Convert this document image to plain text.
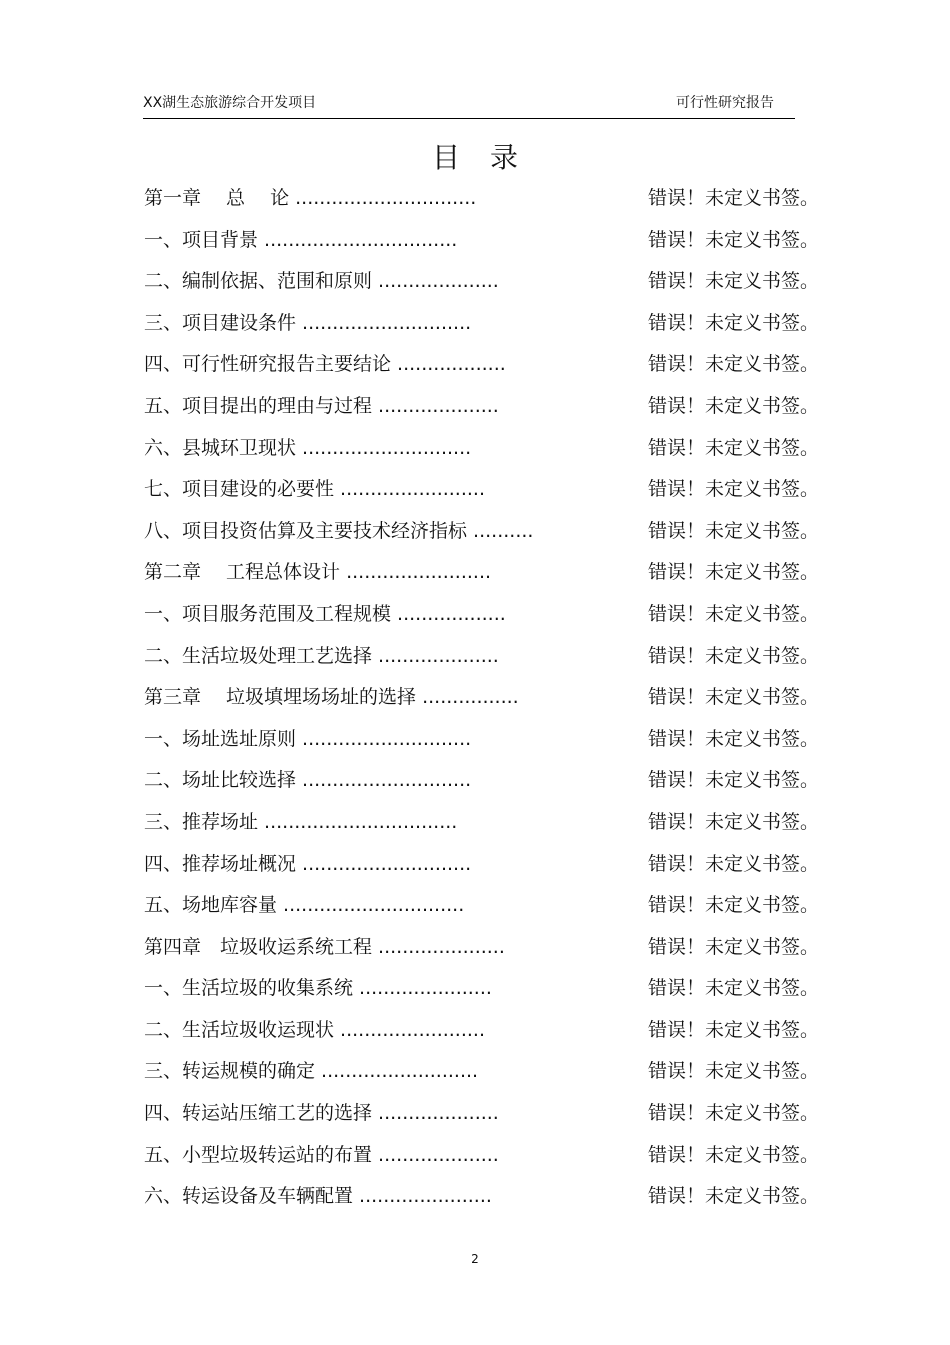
XX湖生态旅游综合开发项目	可行性研究报告
目录
第一章　 总　 论 ..............................	错误！未定义书签。
一、项目背景 ................................	错误！未定义书签。
二、编制依据、范围和原则 ....................	错误！未定义书签。
三、项目建设条件 ............................	错误！未定义书签。
四、可行性研究报告主要结论 ..................	错误！未定义书签。
五、项目提出的理由与过程 ....................	错误！未定义书签。
六、县城环卫现状 ............................	错误！未定义书签。
七、项目建设的必要性 ........................	错误！未定义书签。
八、项目投资估算及主要技术经济指标 ..........	错误！未定义书签。
第二章　 工程总体设计 ........................	错误！未定义书签。
一、项目服务范围及工程规模 ..................	错误！未定义书签。
二、生活垃圾处理工艺选择 ....................	错误！未定义书签。
第三章　 垃圾填埋场场址的选择 ................	错误！未定义书签。
一、场址选址原则 ............................	错误！未定义书签。
二、场址比较选择 ............................	错误！未定义书签。
三、推荐场址 ................................	错误！未定义书签。
四、推荐场址概况 ............................	错误！未定义书签。
五、场地库容量 ..............................	错误！未定义书签。
第四章　垃圾收运系统工程 .....................	错误！未定义书签。
一、生活垃圾的收集系统 ......................	错误！未定义书签。
二、生活垃圾收运现状 ........................	错误！未定义书签。
三、转运规模的确定 ..........................	错误！未定义书签。
四、转运站压缩工艺的选择 ....................	错误！未定义书签。
五、小型垃圾转运站的布置 ....................	错误！未定义书签。
六、转运设备及车辆配置 ......................	错误！未定义书签。
2
